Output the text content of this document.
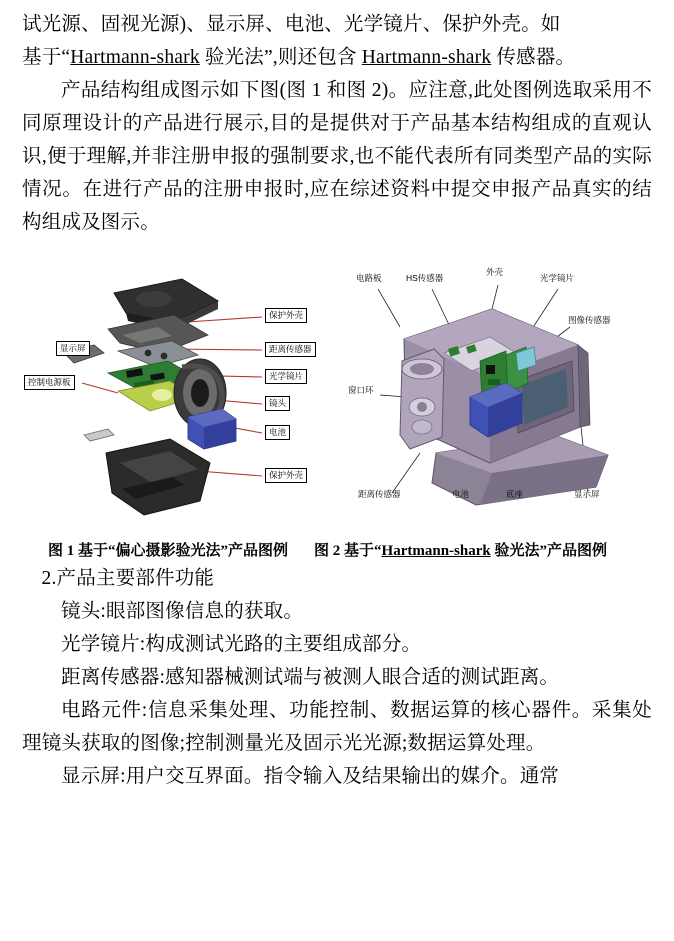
试光源、固视光源)、显示屏、电池、光学镜片、保护外壳。如
基于“Hartmann-shark 验光法”,则还包含 Hartmann-shark 传感器。

产品结构组成图示如下图(图 1 和图 2)。应注意,此处图例选取采用不同原理设计的产品进行展示,目的是提供对于产品基本结构组成的直观认识,便于理解,并非注册申报的强制要求,也不能代表所有同类型产品的实际情况。在进行产品的注册申报时,应在综述资料中提交申报产品真实的结构组成及图示。

保护外壳
距离传感器
光学镜片
镜头
电池
保护外壳
显示屏
控制电源板
电路板	HS传感器
外壳
光学镜片
图像传感器
窗口环
距离传感器	电池	底座	显示屏
图 1 基于“偏心摄影验光法”产品图例 图 2 基于“Hartmann-shark 验光法”产品图例

2.产品主要部件功能

镜头:眼部图像信息的获取。

光学镜片:构成测试光路的主要组成部分。

距离传感器:感知器械测试端与被测人眼合适的测试距离。

电路元件:信息采集处理、功能控制、数据运算的核心器件。采集处理镜头获取的图像;控制测量光及固示光光源;数据运算处理。

显示屏:用户交互界面。指令输入及结果输出的媒介。通常
